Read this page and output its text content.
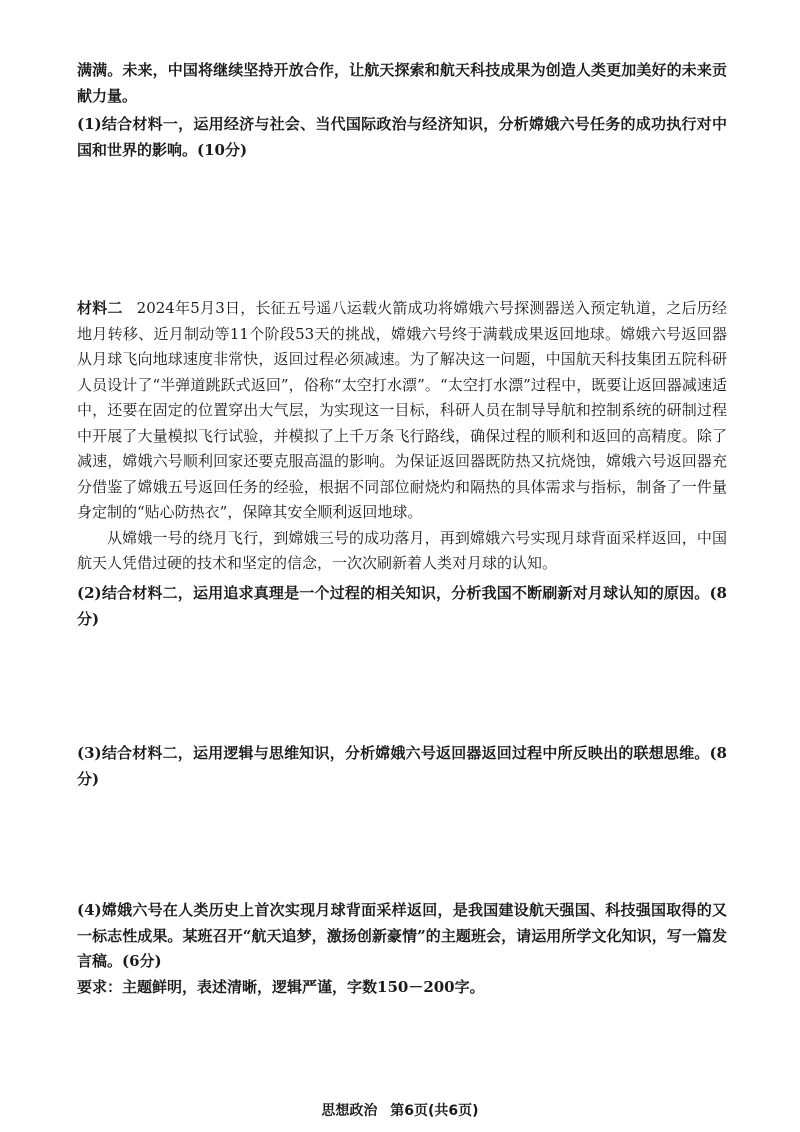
满满。未来，中国将继续坚持开放合作，让航天探索和航天科技成果为创造人类更加美好的未来贡献力量。

(1)结合材料一，运用经济与社会、当代国际政治与经济知识，分析嫦娥六号任务的成功执行对中国和世界的影响。(10分)

材料二 2024年5月3日，长征五号遥八运载火箭成功将嫦娥六号探测器送入预定轨道，之后历经地月转移、近月制动等11个阶段53天的挑战，嫦娥六号终于满载成果返回地球。嫦娥六号返回器从月球飞向地球速度非常快，返回过程必须减速。为了解决这一问题，中国航天科技集团五院科研人员设计了“半弹道跳跃式返回”，俗称“太空打水漂”。“太空打水漂”过程中，既要让返回器减速适中，还要在固定的位置穿出大气层，为实现这一目标，科研人员在制导导航和控制系统的研制过程中开展了大量模拟飞行试验，并模拟了上千万条飞行路线，确保过程的顺利和返回的高精度。除了减速，嫦娥六号顺利回家还要克服高温的影响。为保证返回器既防热又抗烧蚀，嫦娥六号返回器充分借鉴了嫦娥五号返回任务的经验，根据不同部位耐烧灼和隔热的具体需求与指标，制备了一件量身定制的“贴心防热衣”，保障其安全顺利返回地球。

从嫦娥一号的绕月飞行，到嫦娥三号的成功落月，再到嫦娥六号实现月球背面采样返回，中国航天人凭借过硬的技术和坚定的信念，一次次刷新着人类对月球的认知。

(2)结合材料二，运用追求真理是一个过程的相关知识，分析我国不断刷新对月球认知的原因。(8分)

(3)结合材料二，运用逻辑与思维知识，分析嫦娥六号返回器返回过程中所反映出的联想思维。(8分)

(4)嫦娥六号在人类历史上首次实现月球背面采样返回，是我国建设航天强国、科技强国取得的又一标志性成果。某班召开“航天追梦，激扬创新豪情”的主题班会，请运用所学文化知识，写一篇发言稿。(6分)

要求：主题鲜明，表述清晰，逻辑严谨，字数150－200字。

思想政治 第6页(共6页)
